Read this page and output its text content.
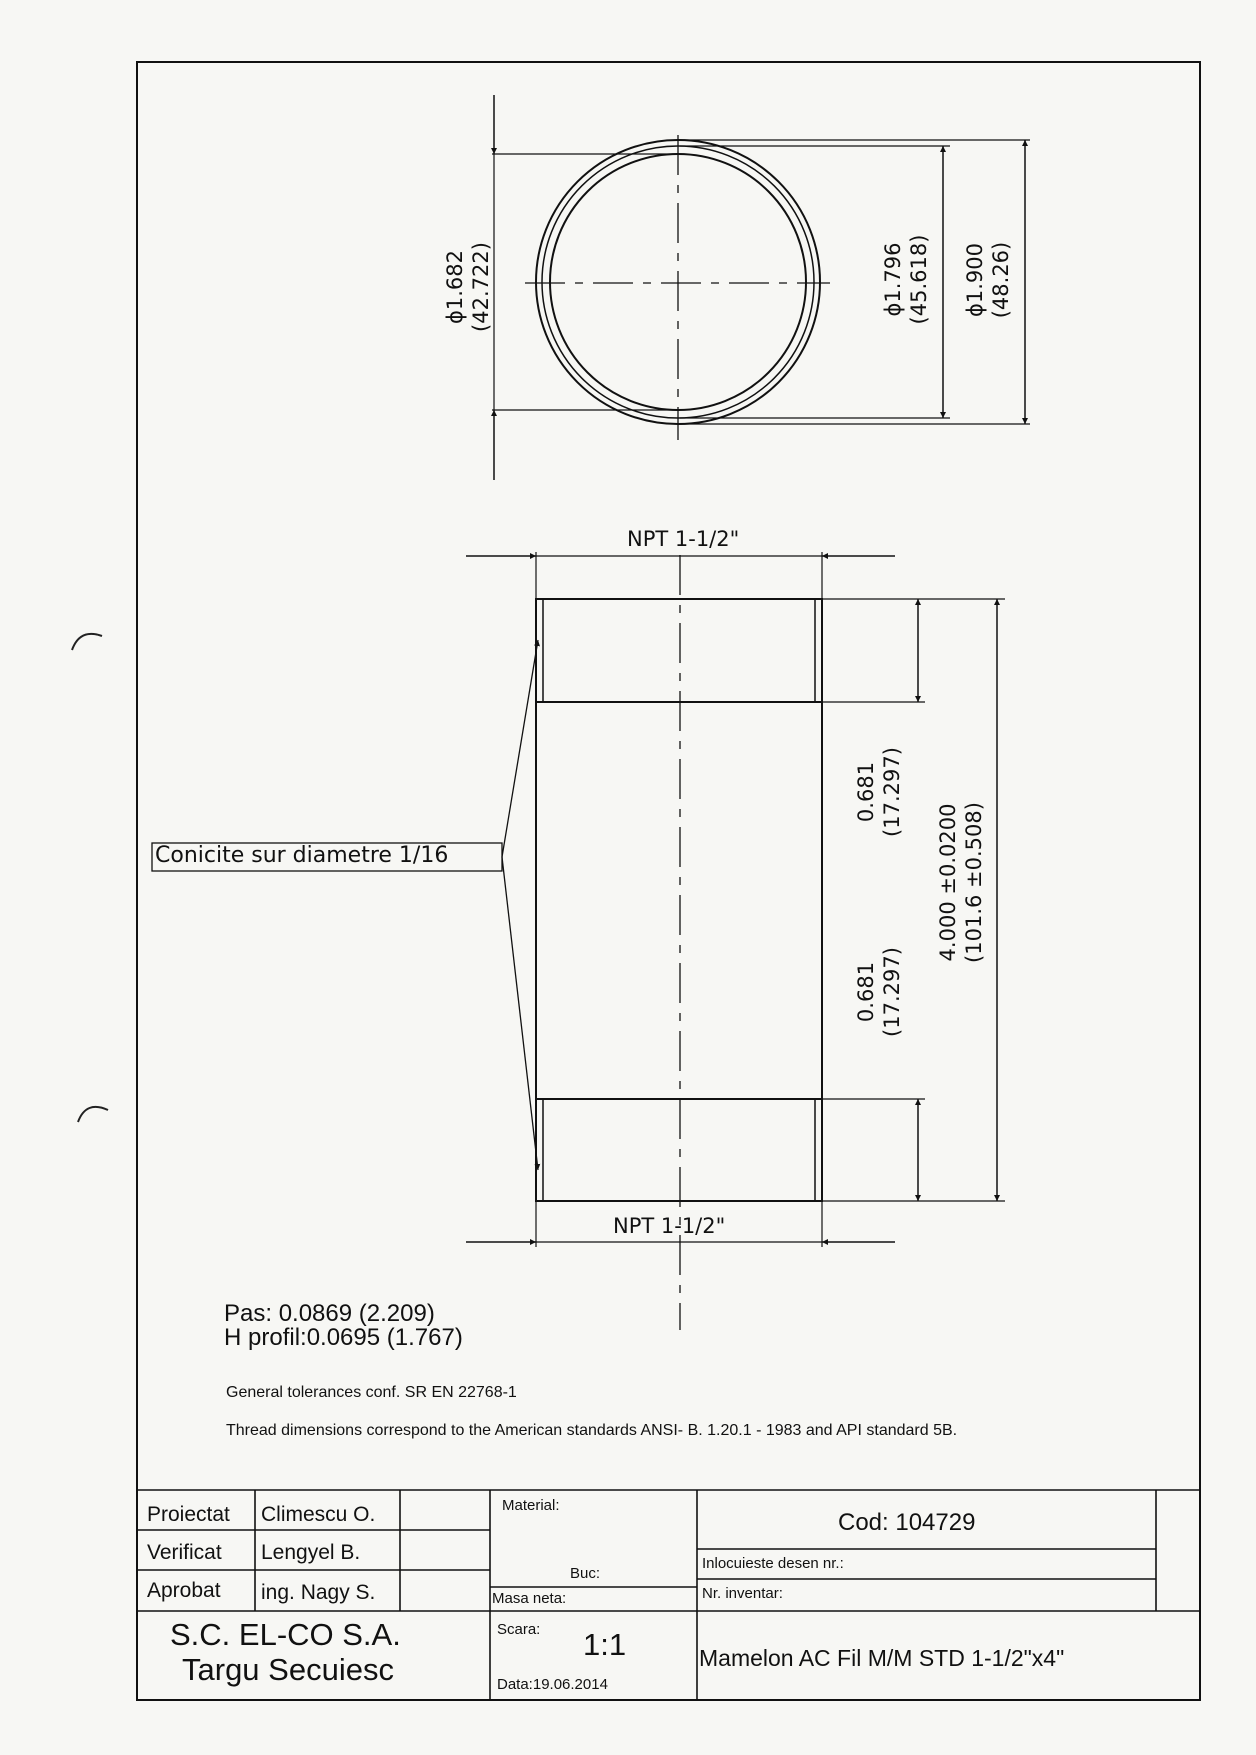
ϕ1.682 (42.722)	ϕ1.796 (45.618) ϕ1.900 (48.26)
NPT 1-1/2"
NPT 1-1/2"
Conicite sur diametre 1/16
0.681 (17.297)
0.681 (17.297)
4.000 ±0.0200 (101.6 ±0.508)
Pas: 0.0869 (2.209)
H profil:0.0695 (1.767)
General tolerances conf. SR EN 22768-1
Thread dimensions correspond to the American standards ANSI- B. 1.20.1 - 1983 and API standard 5B.
Proiectat Climescu O.
Verificat Lengyel B.
Aprobat ing. Nagy S.
S.C. EL-CO S.A.
Targu Secuiesc
Material:
Buc:
Masa neta:
Scara: 1:1
Data:19.06.2014
Cod: 104729
Inlocuieste desen nr.:
Nr. inventar:
Mamelon AC Fil M/M STD 1-1/2"x4"
